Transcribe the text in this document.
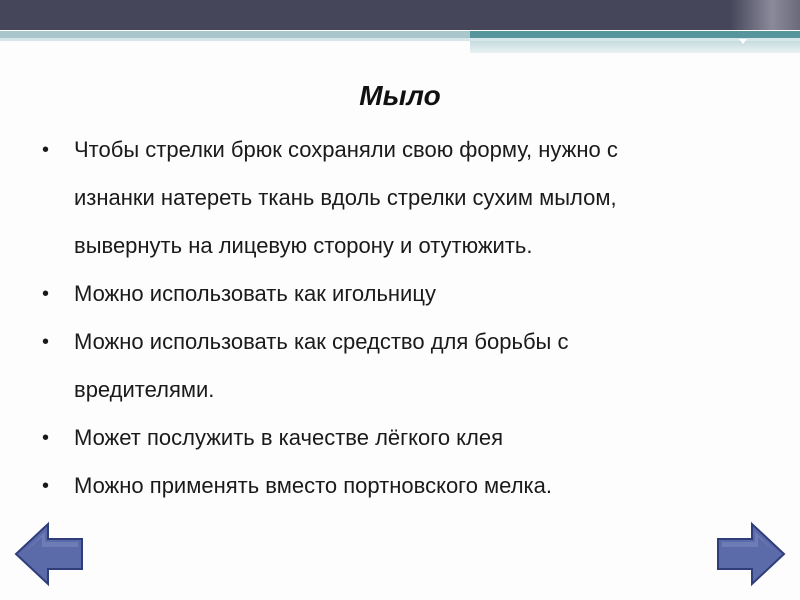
Мыло
• Чтобы стрелки брюк сохраняли свою форму, нужно с
изнанки натереть ткань вдоль стрелки сухим мылом,
вывернуть на лицевую сторону и отутюжить.
• Можно использовать как игольницу
• Можно использовать как средство для борьбы с
вредителями.
• Может послужить в качестве лёгкого клея
• Можно применять вместо портновского мелка.
